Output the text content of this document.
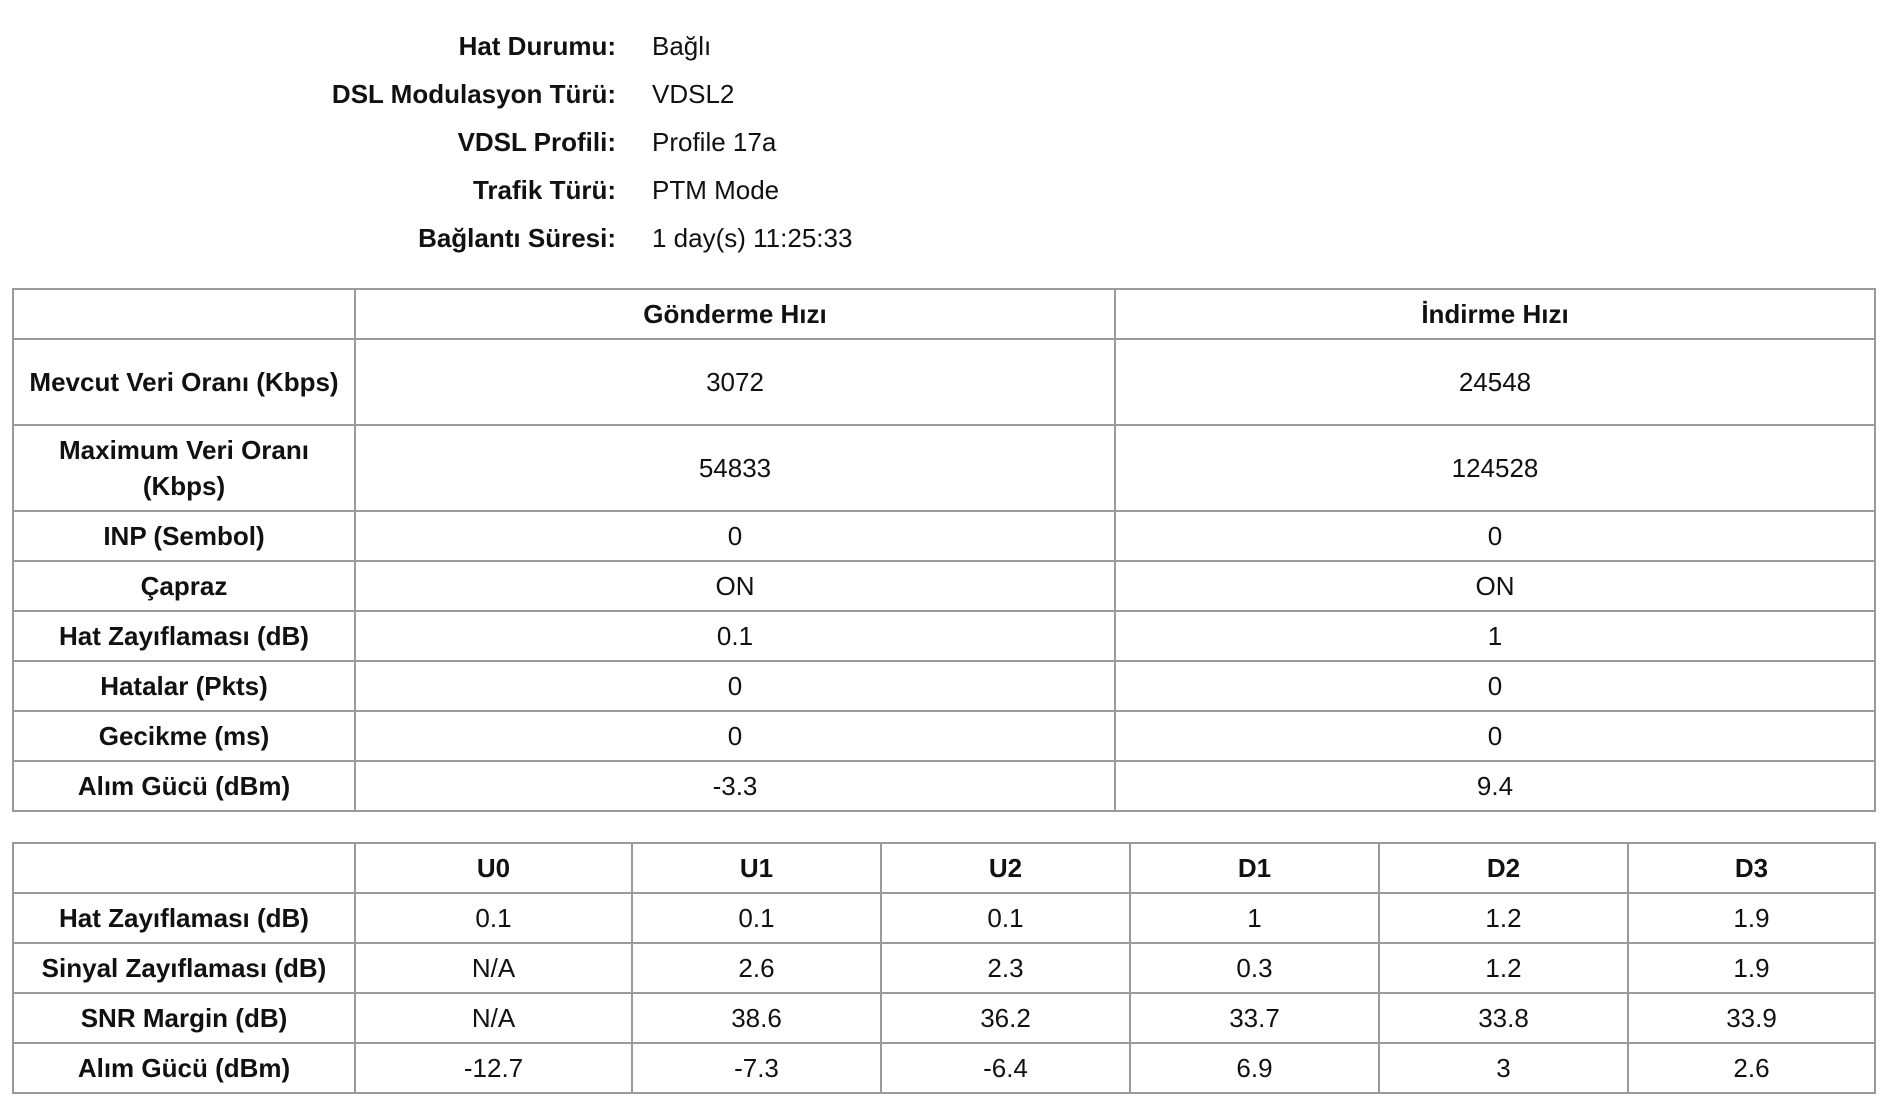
Hat Durumu:	Bağlı
DSL Modulasyon Türü:	VDSL2
VDSL Profili:	Profile 17a
Trafik Türü:	PTM Mode
Bağlantı Süresi:	1 day(s) 11:25:33
	Gönderme Hızı	İndirme Hızı
Mevcut Veri Oranı (Kbps)	3072	24548
Maximum Veri Oranı (Kbps)	54833	124528
INP (Sembol)	0	0
Çapraz	ON	ON
Hat Zayıflaması (dB)	0.1	1
Hatalar (Pkts)	0	0
Gecikme (ms)	0	0
Alım Gücü (dBm)	-3.3	9.4
	U0	U1	U2	D1	D2	D3
Hat Zayıflaması (dB)	0.1	0.1	0.1	1	1.2	1.9
Sinyal Zayıflaması (dB)	N/A	2.6	2.3	0.3	1.2	1.9
SNR Margin (dB)	N/A	38.6	36.2	33.7	33.8	33.9
Alım Gücü (dBm)	-12.7	-7.3	-6.4	6.9	3	2.6
